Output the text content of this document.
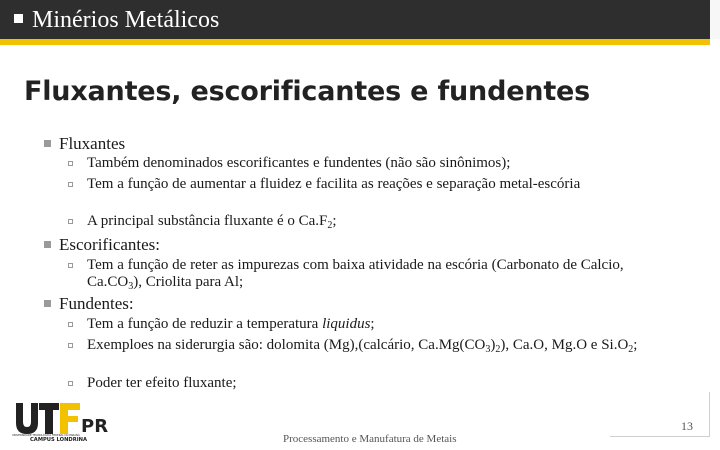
Minérios Metálicos
Fluxantes, escorificantes e fundentes
Fluxantes
Também denominados escorificantes e fundentes (não são sinônimos);
Tem a função de aumentar a fluidez e facilita as reações e separação metal-escória
A principal substância fluxante é o $Ca.F_2$;
Escorificantes:
Tem a função de reter as impurezas com baixa atividade na escória (Carbonato de Calcio, $Ca.CO_3$), Criolita para Al;
Fundentes:
Tem a função de reduzir a temperatura liquidus;
Exemploes na siderurgia são: dolomita (Mg),(calcário, $Ca.Mg(CO_3)_2$), Ca.O, Mg.O e $Si.O_2$;
Poder ter efeito fluxante;
PR
UNIVERSIDADE TECNOLÓGICA FEDERAL DO PARANÁ
CAMPUS LONDRINA	Processamento e Manufatura de Metais
13
